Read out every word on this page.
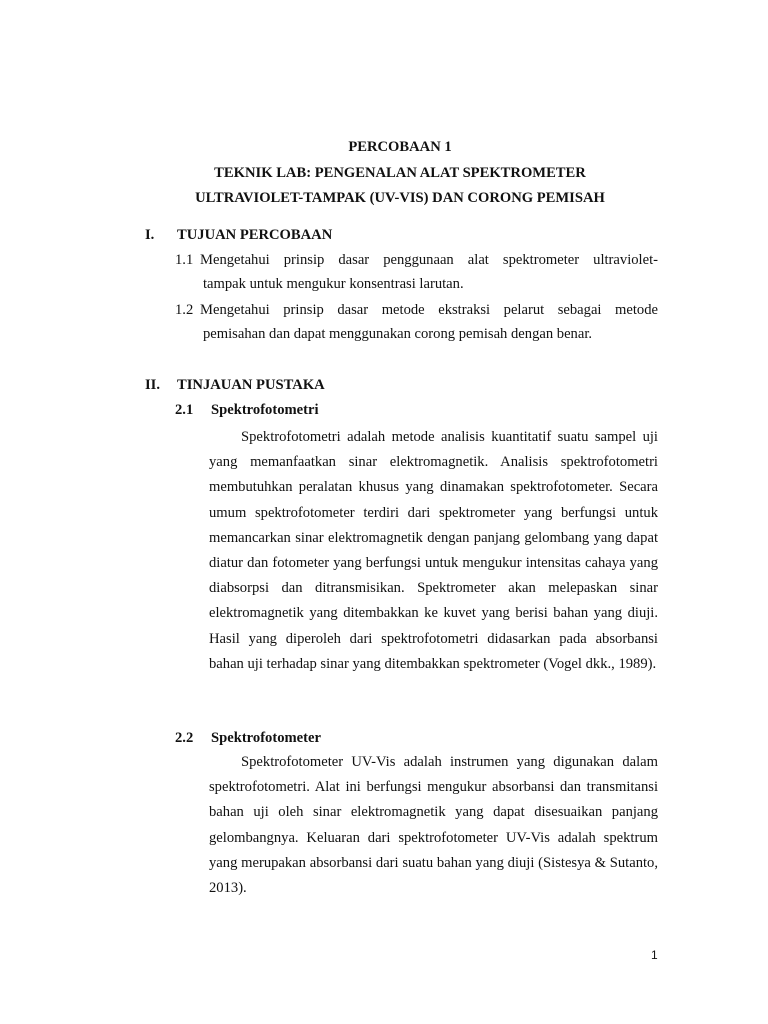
PERCOBAAN 1
TEKNIK LAB: PENGENALAN ALAT SPEKTROMETER
ULTRAVIOLET-TAMPAK (UV-VIS) DAN CORONG PEMISAH
I. TUJUAN PERCOBAAN

1.1 Mengetahui prinsip dasar penggunaan alat spektrometer ultraviolet-

tampak untuk mengukur konsentrasi larutan.

1.2 Mengetahui prinsip dasar metode ekstraksi pelarut sebagai metode

pemisahan dan dapat menggunakan corong pemisah dengan benar.

II. TINJAUAN PUSTAKA
2.1 Spektrofotometri

Spektrofotometri adalah metode analisis kuantitatif suatu sampel uji yang memanfaatkan sinar elektromagnetik. Analisis spektrofotometri membutuhkan peralatan khusus yang dinamakan spektrofotometer. Secara umum spektrofotometer terdiri dari spektrometer yang berfungsi untuk memancarkan sinar elektromagnetik dengan panjang gelombang yang dapat diatur dan fotometer yang berfungsi untuk mengukur intensitas cahaya yang diabsorpsi dan ditransmisikan. Spektrometer akan melepaskan sinar elektromagnetik yang ditembakkan ke kuvet yang berisi bahan yang diuji. Hasil yang diperoleh dari spektrofotometri didasarkan pada absorbansi bahan uji terhadap sinar yang ditembakkan spektrometer (Vogel dkk., 1989).

2.2 Spektrofotometer

Spektrofotometer UV-Vis adalah instrumen yang digunakan dalam spektrofotometri. Alat ini berfungsi mengukur absorbansi dan transmitansi bahan uji oleh sinar elektromagnetik yang dapat disesuaikan panjang gelombangnya. Keluaran dari spektrofotometer UV-Vis adalah spektrum yang merupakan absorbansi dari suatu bahan yang diuji (Sistesya & Sutanto, 2013).

1
